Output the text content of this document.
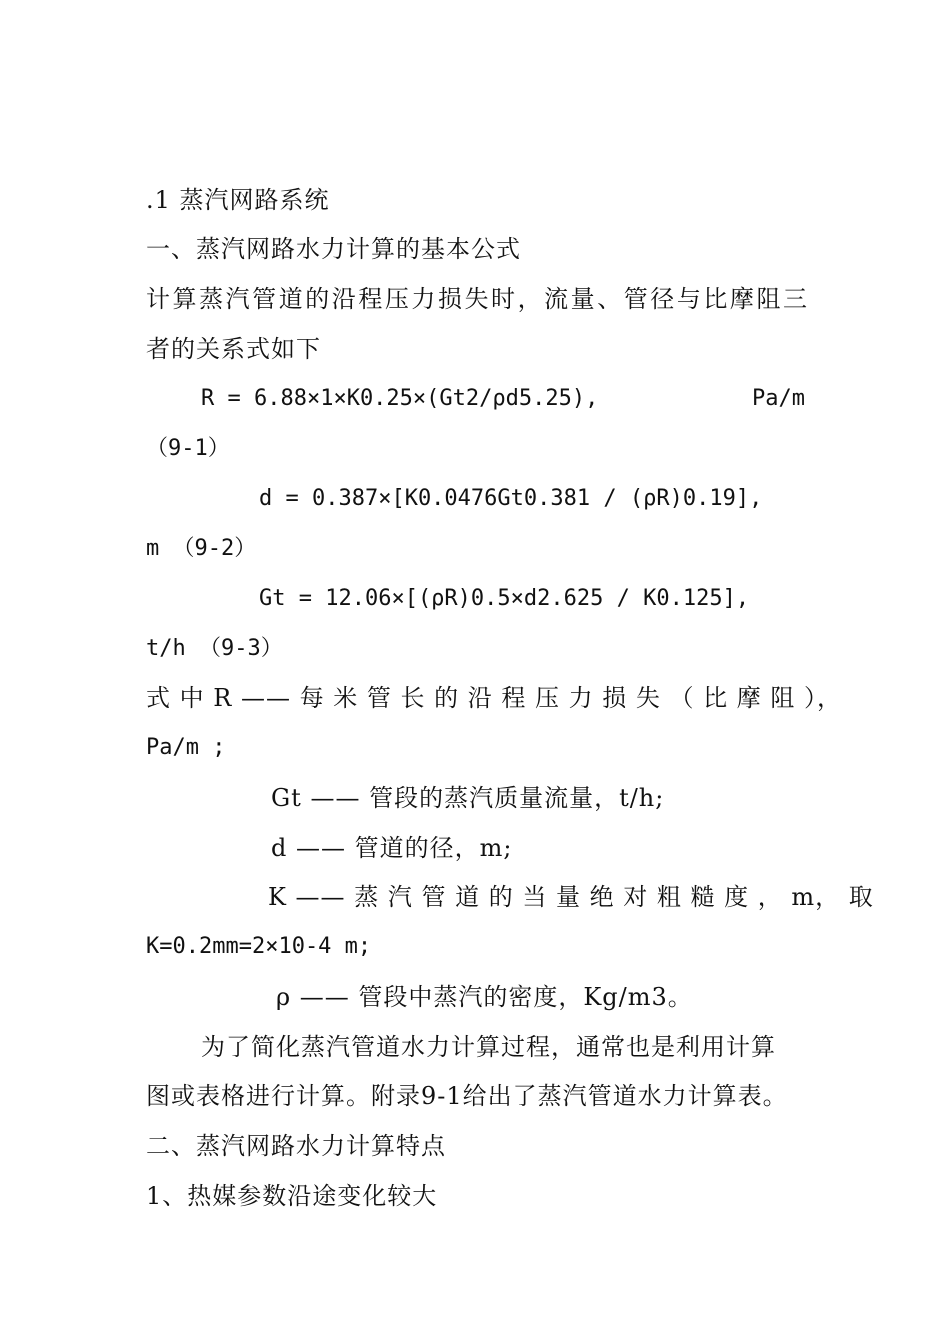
.1 蒸汽网路系统
一、蒸汽网路水力计算的基本公式
计算蒸汽管道的沿程压力损失时，流量、管径与比摩阻三
者的关系式如下
R = 6.88×1×K0.25×(Gt2/ρd5.25),	Pa/m
（9-1）
d = 0.387×[K0.0476Gt0.381 / (ρR)0.19],
m （9-2）
Gt = 12.06×[(ρR)0.5×d2.625 / K0.125],
t/h （9-3）
式 中 R —— 每 米 管 长 的 沿 程 压 力 损 失 （ 比 摩 阻 ），
Pa/m ;
Gt —— 管段的蒸汽质量流量，t/h;
d —— 管道的径，m;
K —— 蒸 汽 管 道 的 当 量 绝 对 粗 糙 度 ， m， 取
K=0.2mm=2×10-4 m;
ρ —— 管段中蒸汽的密度，Kg/m3。
为了简化蒸汽管道水力计算过程，通常也是利用计算
图或表格进行计算。附录9-1给出了蒸汽管道水力计算表。
二、蒸汽网路水力计算特点
1、热媒参数沿途变化较大
